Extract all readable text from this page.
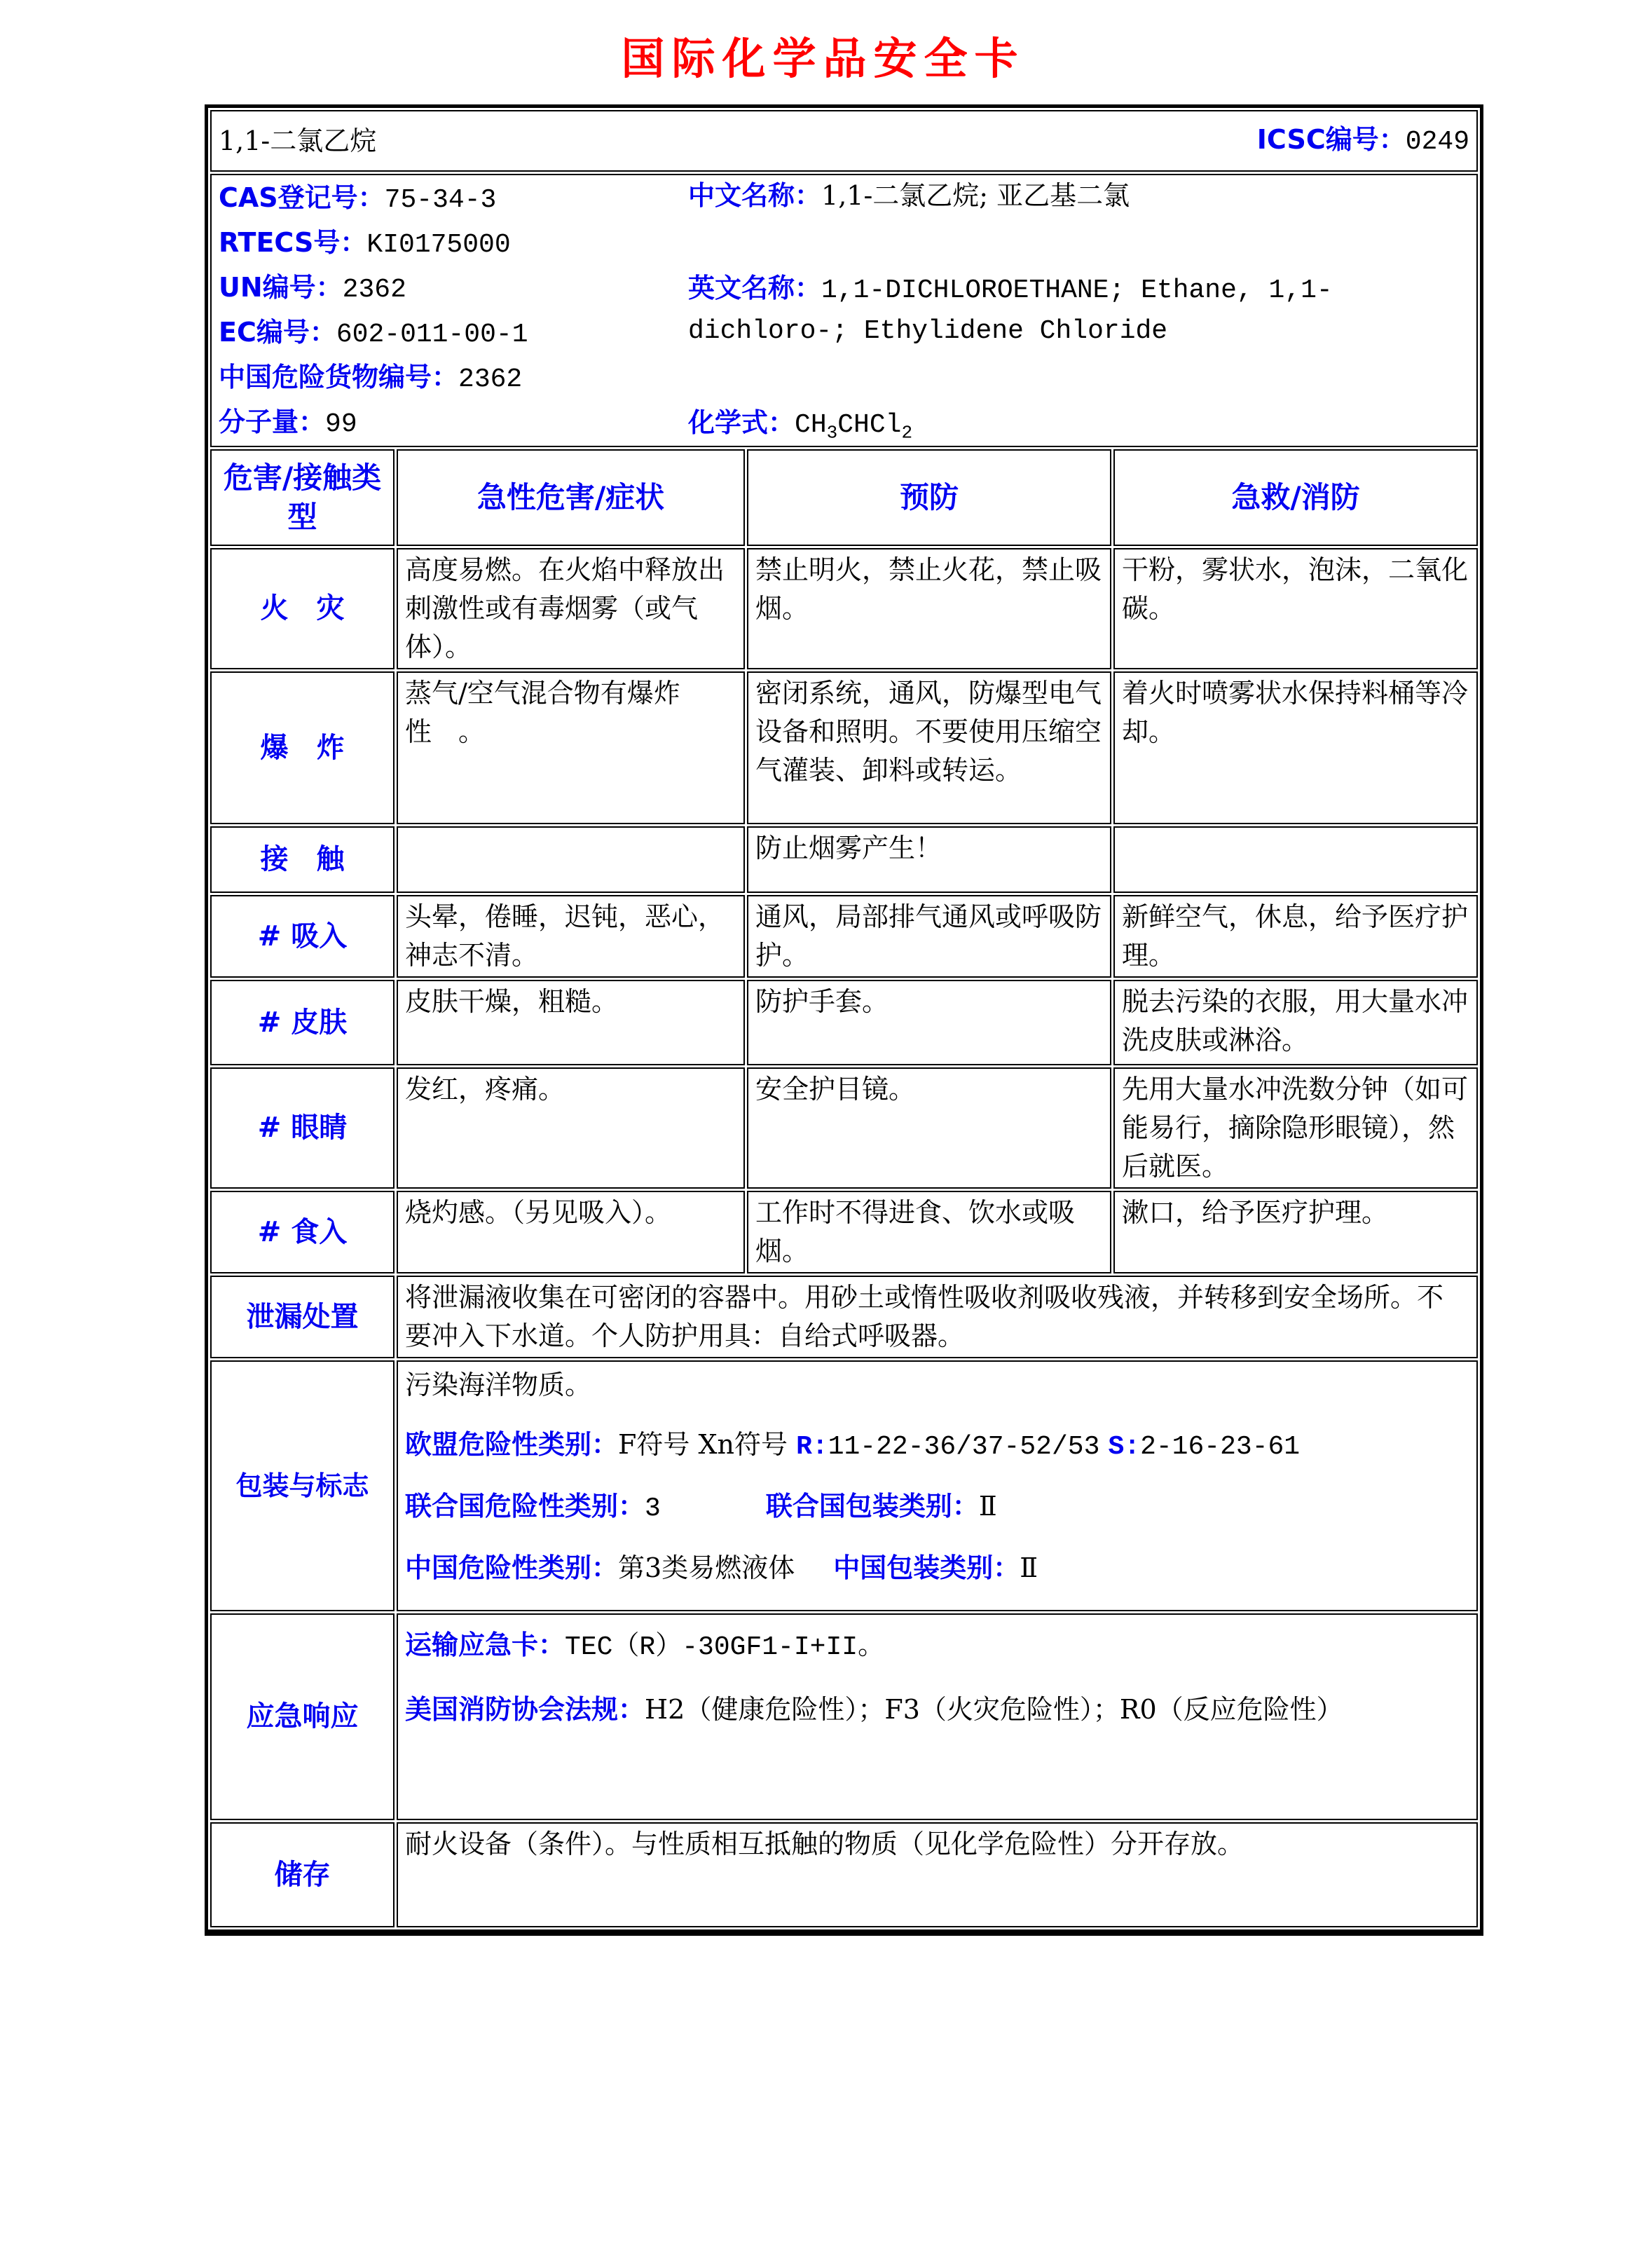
国际化学品安全卡
1,1-二氯乙烷 ICSC编号：0249			

CAS登记号：75-34-3
RTECS号：KI0175000
UN编号：2362
EC编号：602-011-00-1
中国危险货物编号：2362
分子量：99
中文名称：1,1-二氯乙烷; 亚乙基二氯
英文名称：1,1-DICHLOROETHANE; Ethane, 1,1-dichloro-; Ethylidene Chloride
化学式：$CH_3CHCl_2$

危害/接触类型	急性危害/症状	预防	急救/消防
火　灾	高度易燃。在火焰中释放出刺激性或有毒烟雾（或气体）。	禁止明火，禁止火花，禁止吸烟。	干粉，雾状水，泡沫，二氧化碳。
爆　炸	蒸气/空气混合物有爆炸性　。	密闭系统，通风，防爆型电气设备和照明。不要使用压缩空气灌装、卸料或转运。	着火时喷雾状水保持料桶等冷却。
接　触		防止烟雾产生！	
# 吸入	头晕，倦睡，迟钝，恶心，神志不清。	通风，局部排气通风或呼吸防护。	新鲜空气，休息，给予医疗护理。
# 皮肤	皮肤干燥，粗糙。	防护手套。	脱去污染的衣服，用大量水冲洗皮肤或淋浴。
# 眼睛	发红，疼痛。	安全护目镜。	先用大量水冲洗数分钟（如可能易行，摘除隐形眼镜），然后就医。
# 食入	烧灼感。（另见吸入）。	工作时不得进食、饮水或吸烟。	漱口，给予医疗护理。
泄漏处置	将泄漏液收集在可密闭的容器中。用砂土或惰性吸收剂吸收残液，并转移到安全场所。不要冲入下水道。个人防护用具：自给式呼吸器。		
包装与标志	污染海洋物质。
欧盟危险性类别：F符号 Xn符号 R:11-22-36/37-52/53 S:2-16-23-61
联合国危险性类别：3 联合国包装类别：Ⅱ
中国危险性类别：第3类易燃液体 中国包装类别：Ⅱ		

应急响应	运输应急卡：TEC（R）-30GF1-I+II。
美国消防协会法规：H2（健康危险性）；F3（火灾危险性）；R0（反应危险性）		

储存	耐火设备（条件）。与性质相互抵触的物质（见化学危险性）分开存放。		
